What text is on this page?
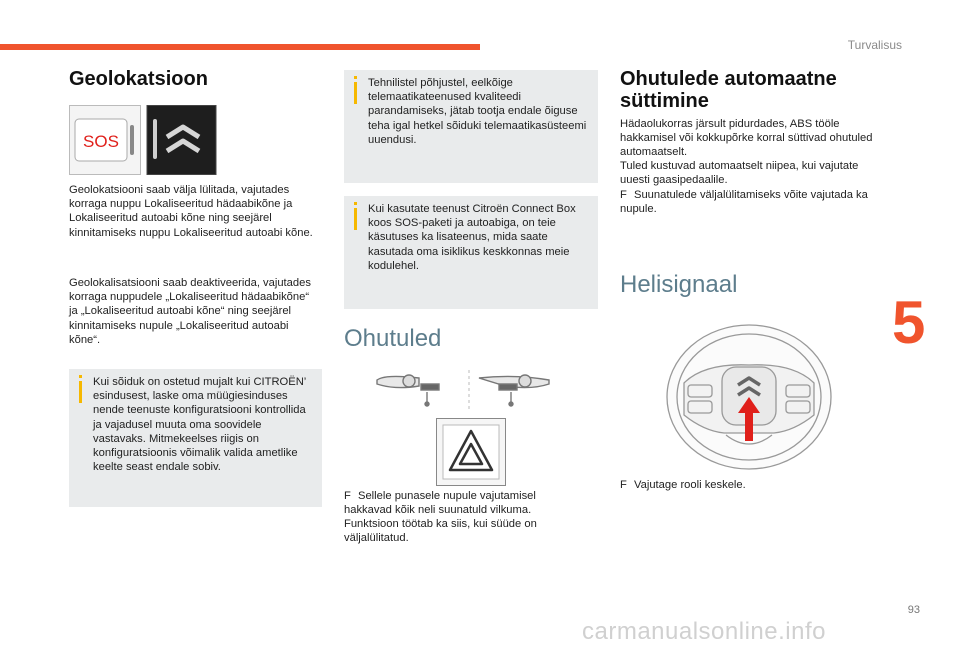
Turvalisus
5
Geolokatsioon
SOS

Geolokatsiooni saab välja lülitada, vajutades korraga nuppu Lokaliseeritud hädaabikõne ja Lokaliseeritud autoabi kõne ning seejärel kinnitamiseks nuppu Lokaliseeritud autoabi kõne.

Geolokalisatsiooni saab deaktiveerida, vajutades korraga nuppudele „Lokaliseeritud hädaabikõne“ ja „Lokaliseeritud autoabi kõne“ ning seejärel kinnitamiseks nupule „Lokaliseeritud autoabi kõne“.

Kui sõiduk on ostetud mujalt kui CITROËN’ esindusest, laske oma müügiesinduses nende teenuste konfiguratsiooni kontrollida ja vajadusel muuta oma soovidele vastavaks. Mitmekeelses riigis on konfiguratsioonis võimalik valida ametlike keelte seast endale sobiv.

Tehnilistel põhjustel, eelkõige telemaatikateenused kvaliteedi parandamiseks, jätab tootja endale õiguse teha igal hetkel sõiduki telemaatikasüsteemi uuendusi.

Kui kasutate teenust Citroën Connect Box koos SOS-paketi ja autoabiga, on teie käsutuses ka lisateenus, mida saate kasutada oma isiklikus keskkonnas meie kodulehel.

Ohutuled

F Sellele punasele nupule vajutamisel hakkavad kõik neli suunatuld vilkuma.

Funktsioon töötab ka siis, kui süüde on väljalülitatud.

Ohutulede automaatne
süttimine

Hädaolukorras järsult pidurdades, ABS tööle hakkamisel või kokkupõrke korral süttivad ohutuled automaatselt.

Tuled kustuvad automaatselt niipea, kui vajutate uuesti gaasipedaalile.

F Suunatulede väljalülitamiseks võite vajutada ka nupule.

Helisignaal

F Vajutage rooli keskele.

93
carmanualsonline.info
